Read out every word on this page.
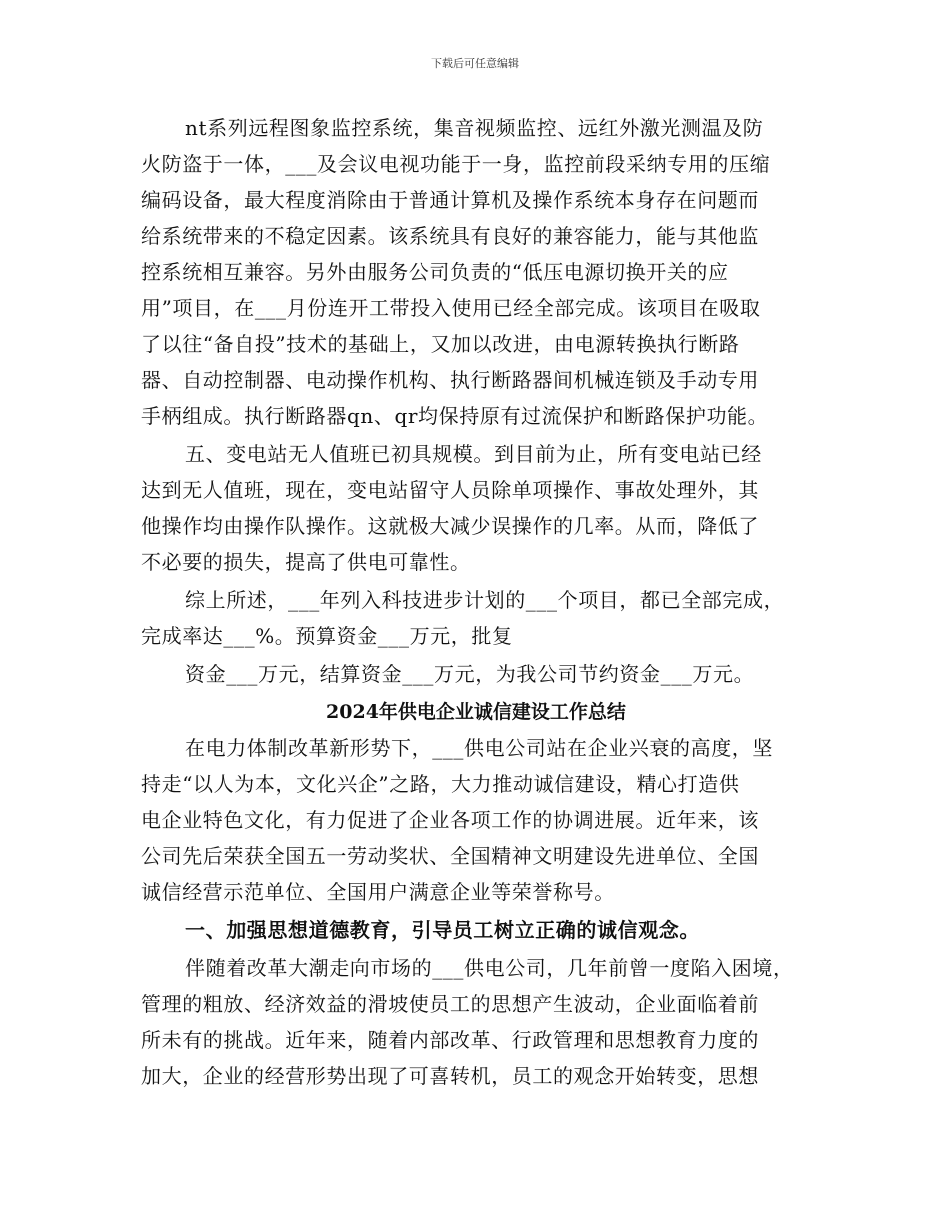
下载后可任意编辑
nt系列远程图象监控系统，集音视频监控、远红外激光测温及防
火防盗于一体，___及会议电视功能于一身，监控前段采纳专用的压缩
编码设备，最大程度消除由于普通计算机及操作系统本身存在问题而
给系统带来的不稳定因素。该系统具有良好的兼容能力，能与其他监
控系统相互兼容。另外由服务公司负责的“低压电源切换开关的应
用”项目，在___月份连开工带投入使用已经全部完成。该项目在吸取
了以往“备自投”技术的基础上，又加以改进，由电源转换执行断路
器、自动控制器、电动操作机构、执行断路器间机械连锁及手动专用
手柄组成。执行断路器qn、qr均保持原有过流保护和断路保护功能。
五、变电站无人值班已初具规模。到目前为止，所有变电站已经
达到无人值班，现在，变电站留守人员除单项操作、事故处理外，其
他操作均由操作队操作。这就极大减少误操作的几率。从而，降低了
不必要的损失，提高了供电可靠性。
综上所述，___年列入科技进步计划的___个项目，都已全部完成，
完成率达___%。预算资金___万元，批复
资金___万元，结算资金___万元，为我公司节约资金___万元。
2024年供电企业诚信建设工作总结
在电力体制改革新形势下，___供电公司站在企业兴衰的高度，坚
持走“以人为本，文化兴企”之路，大力推动诚信建设，精心打造供
电企业特色文化，有力促进了企业各项工作的协调进展。近年来，该
公司先后荣获全国五一劳动奖状、全国精神文明建设先进单位、全国
诚信经营示范单位、全国用户满意企业等荣誉称号。
一、加强思想道德教育，引导员工树立正确的诚信观念。
伴随着改革大潮走向市场的___供电公司，几年前曾一度陷入困境，
管理的粗放、经济效益的滑坡使员工的思想产生波动，企业面临着前
所未有的挑战。近年来，随着内部改革、行政管理和思想教育力度的
加大，企业的经营形势出现了可喜转机，员工的观念开始转变，思想
